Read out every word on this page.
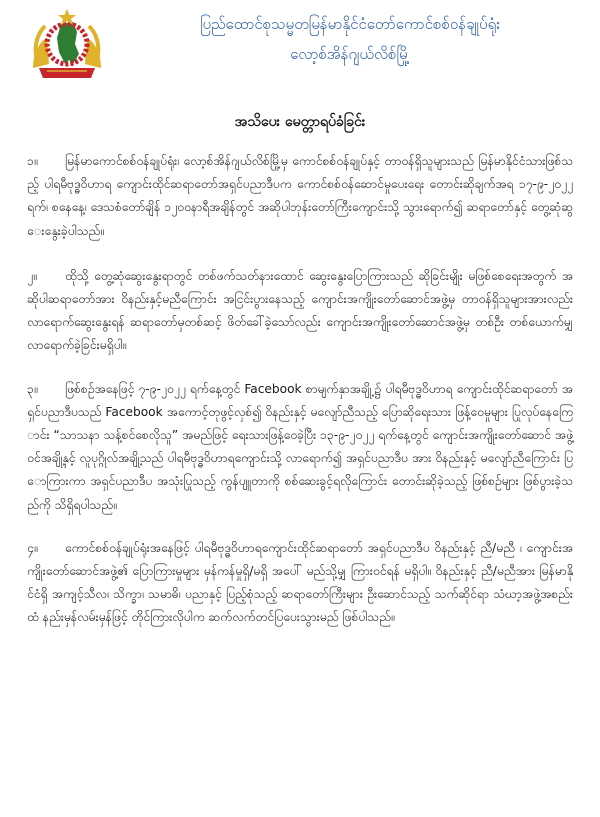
ပြည်ထောင်စုသမ္မတမြန်မာနိုင်ငံတော်ကောင်စစ်ဝန်ချုပ်ရုံး
လော့စ်အိန်ဂျယ်လိစ်မြို့
အသိပေး မေတ္တာရပ်ခံခြင်း

၁။ မြန်မာကောင်စစ်ဝန်ချုပ်ရုံး၊ လော့စ်အိန်ဂျယ်လိစ်မြို့မှ ကောင်စစ်ဝန်ချုပ်နှင့် တာဝန်ရှိသူများသည် မြန်မာနိုင်ငံသားဖြစ်သည့် ပါရမီဗုဒ္ဓဝိဟာရ ကျောင်းထိုင်ဆရာတော်အရှင်ပညာဒီပက ကောင်စစ်ဝန်ဆောင်မှုပေးရေး တောင်းဆိုချက်အရ ၁၇-၉-၂၀၂၂ ရက်၊ စနေနေ့၊ ဒေသစံတော်ချိန် ၁၂၀၀နာရီအချိန်တွင် အဆိုပါဘုန်းတော်ကြီးကျောင်းသို့ သွားရောက်၍ ဆရာတော်နှင့် တွေ့ဆုံဆွေးနွေးခဲ့ပါသည်။

၂။ ထိုသို့ တွေ့ဆုံဆွေးနွေးရာတွင် တစ်ဖက်သတ်နားထောင် ဆွေးနွေးပြောကြားသည် ဆိုခြင်းမျိုး မဖြစ်စေရေးအတွက် အဆိုပါဆရာတော်အား ဝိနည်းနှင့်မညီကြောင်း အငြင်းပွားနေသည့် ကျောင်းအကျိုးတော်ဆောင်အဖွဲ့မှ တာဝန်ရှိသူများအားလည်း လာရောက်ဆွေးနွေးရန် ဆရာတော်မှတစ်ဆင့် ဖိတ်ခေါ်ခဲ့သော်လည်း ကျောင်းအကျိုးတော်ဆောင်အဖွဲ့မှ တစ်ဦး တစ်ယောက်မျှ လာရောက်ခဲ့ခြင်းမရှိပါ။

၃။ ဖြစ်စဉ်အနေဖြင့် ၇-၉-၂၀၂၂ ရက်နေ့တွင် Facebook စာမျက်နှာအချို့၌ ပါရမီဗုဒ္ဓဝိဟာရ ကျောင်းထိုင်ဆရာတော် အရှင်ပညာဒီပသည် Facebook အကောင့်တုဖွင့်လှစ်၍ ဝိနည်းနှင့် မလျော်ညီသည့် ပြောဆိုရေးသား ဖြန့်ဝေမှုများ ပြုလုပ်နေကြောင်း “သာသနာ သန့်စင်စေလိုသူ” အမည်ဖြင့် ရေးသားဖြန့်ဝေခဲ့ပြီး ၁၃-၉-၂၀၂၂ ရက်နေ့တွင် ကျောင်းအကျိုးတော်ဆောင် အဖွဲ့ဝင်အချို့နှင့် လူပုဂ္ဂိုလ်အချို့သည် ပါရမီဗုဒ္ဓဝိဟာရကျောင်းသို့ လာရောက်၍ အရှင်ပညာဒီပ အား ဝိနည်းနှင့် မလျော်ညီကြောင်း ပြောကြားကာ အရှင်ပညာဒီပ အသုံးပြုသည့် ကွန်ပျူတာကို စစ်ဆေးခွင့်ရလိုကြောင်း တောင်းဆိုခဲ့သည့် ဖြစ်စဉ်များ ဖြစ်ပွားခဲ့သည်ကို သိရှိရပါသည်။

၄။ ကောင်စစ်ဝန်ချုပ်ရုံးအနေဖြင့် ပါရမီဗုဒ္ဓဝိဟာရကျောင်းထိုင်ဆရာတော် အရှင်ပညာဒီပ ဝိနည်းနှင့် ညီ/မညီ ၊ ကျောင်းအကျိုးတော်ဆောင်အဖွဲ့၏ ပြောကြားမှုများ မှန်ကန်မှုရှိ/မရှိ အပေါ် မည်သို့မျှ ကြားဝင်ရန် မရှိပါ။ ဝိနည်းနှင့် ညီ/မညီအား မြန်မာနိုင်ငံရှိ အကျင့်သီလ၊ သိက္ခာ၊ သမာဓိ၊ ပညာနှင့် ပြည့်စုံသည့် ဆရာတော်ကြီးများ ဦးဆောင်သည့် သက်ဆိုင်ရာ သံဃာ့အဖွဲ့အစည်းထံ နည်းမှန်လမ်းမှန်ဖြင့် တိုင်ကြားလိုပါက ဆက်လက်တင်ပြပေးသွားမည် ဖြစ်ပါသည်။
